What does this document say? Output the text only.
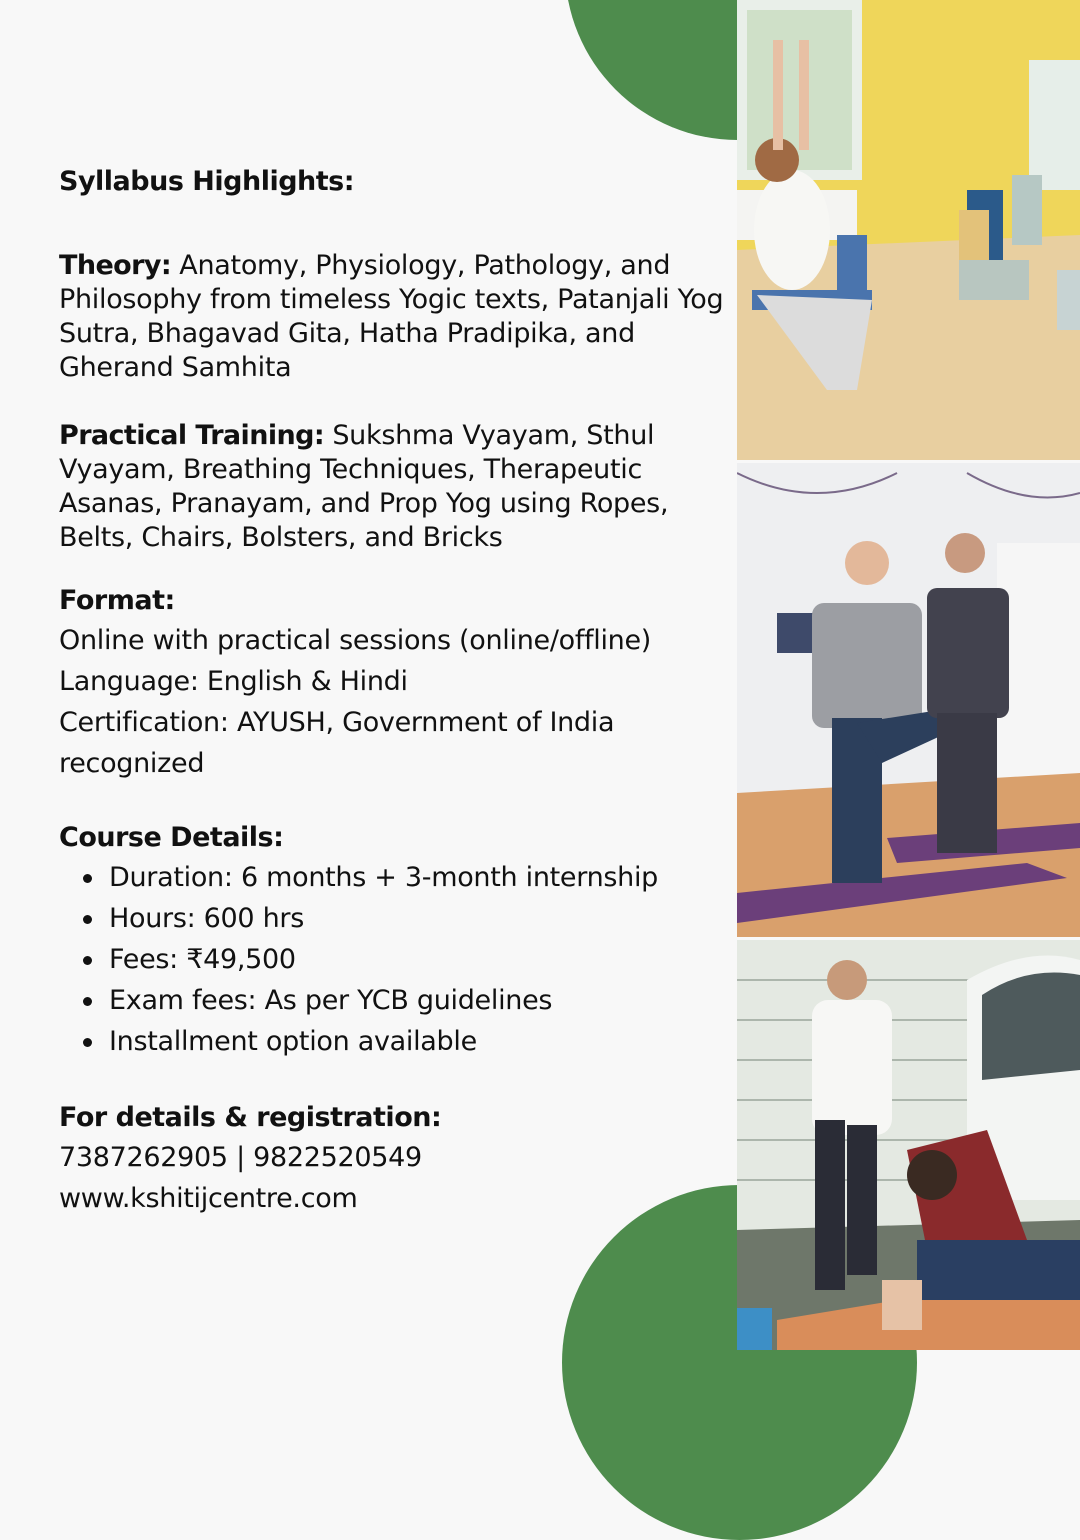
Syllabus Highlights:

Theory: Anatomy, Physiology, Pathology, and Philosophy from timeless Yogic texts, Patanjali Yog Sutra, Bhagavad Gita, Hatha Pradipika, and Gherand Samhita

Practical Training: Sukshma Vyayam, Sthul Vyayam, Breathing Techniques, Therapeutic Asanas, Pranayam, and Prop Yog using Ropes, Belts, Chairs, Bolsters, and Bricks

Format:

Online with practical sessions (online/offline)

Language: English & Hindi

Certification: AYUSH, Government of India recognized

Course Details:

Duration: 6 months + 3-month internship
Hours: 600 hrs
Fees: ₹49,500
Exam fees: As per YCB guidelines
Installment option available

For details & registration:

7387262905 | 9822520549

www.kshitijcentre.com
